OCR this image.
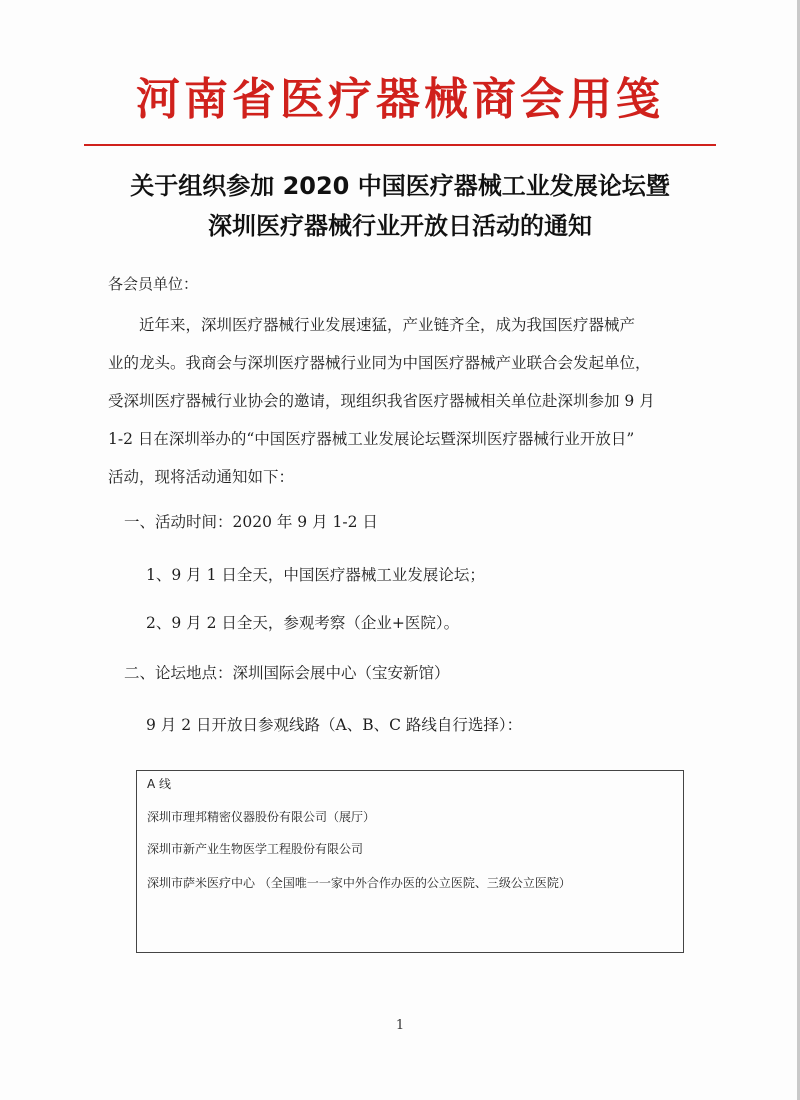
河南省医疗器械商会用笺
关于组织参加 2020 中国医疗器械工业发展论坛暨
深圳医疗器械行业开放日活动的通知
各会员单位：
近年来，深圳医疗器械行业发展速猛，产业链齐全，成为我国医疗器械产
业的龙头。我商会与深圳医疗器械行业同为中国医疗器械产业联合会发起单位，
受深圳医疗器械行业协会的邀请，现组织我省医疗器械相关单位赴深圳参加 9 月
1-2 日在深圳举办的“中国医疗器械工业发展论坛暨深圳医疗器械行业开放日”
活动，现将活动通知如下：
一、活动时间：2020 年 9 月 1-2 日
1、9 月 1 日全天，中国医疗器械工业发展论坛；
2、9 月 2 日全天，参观考察（企业+医院）。
二、论坛地点：深圳国际会展中心（宝安新馆）
9 月 2 日开放日参观线路（A、B、C 路线自行选择）：
A 线
深圳市理邦精密仪器股份有限公司（展厅）
深圳市新产业生物医学工程股份有限公司
深圳市萨米医疗中心 （全国唯一一家中外合作办医的公立医院、三级公立医院）
1
